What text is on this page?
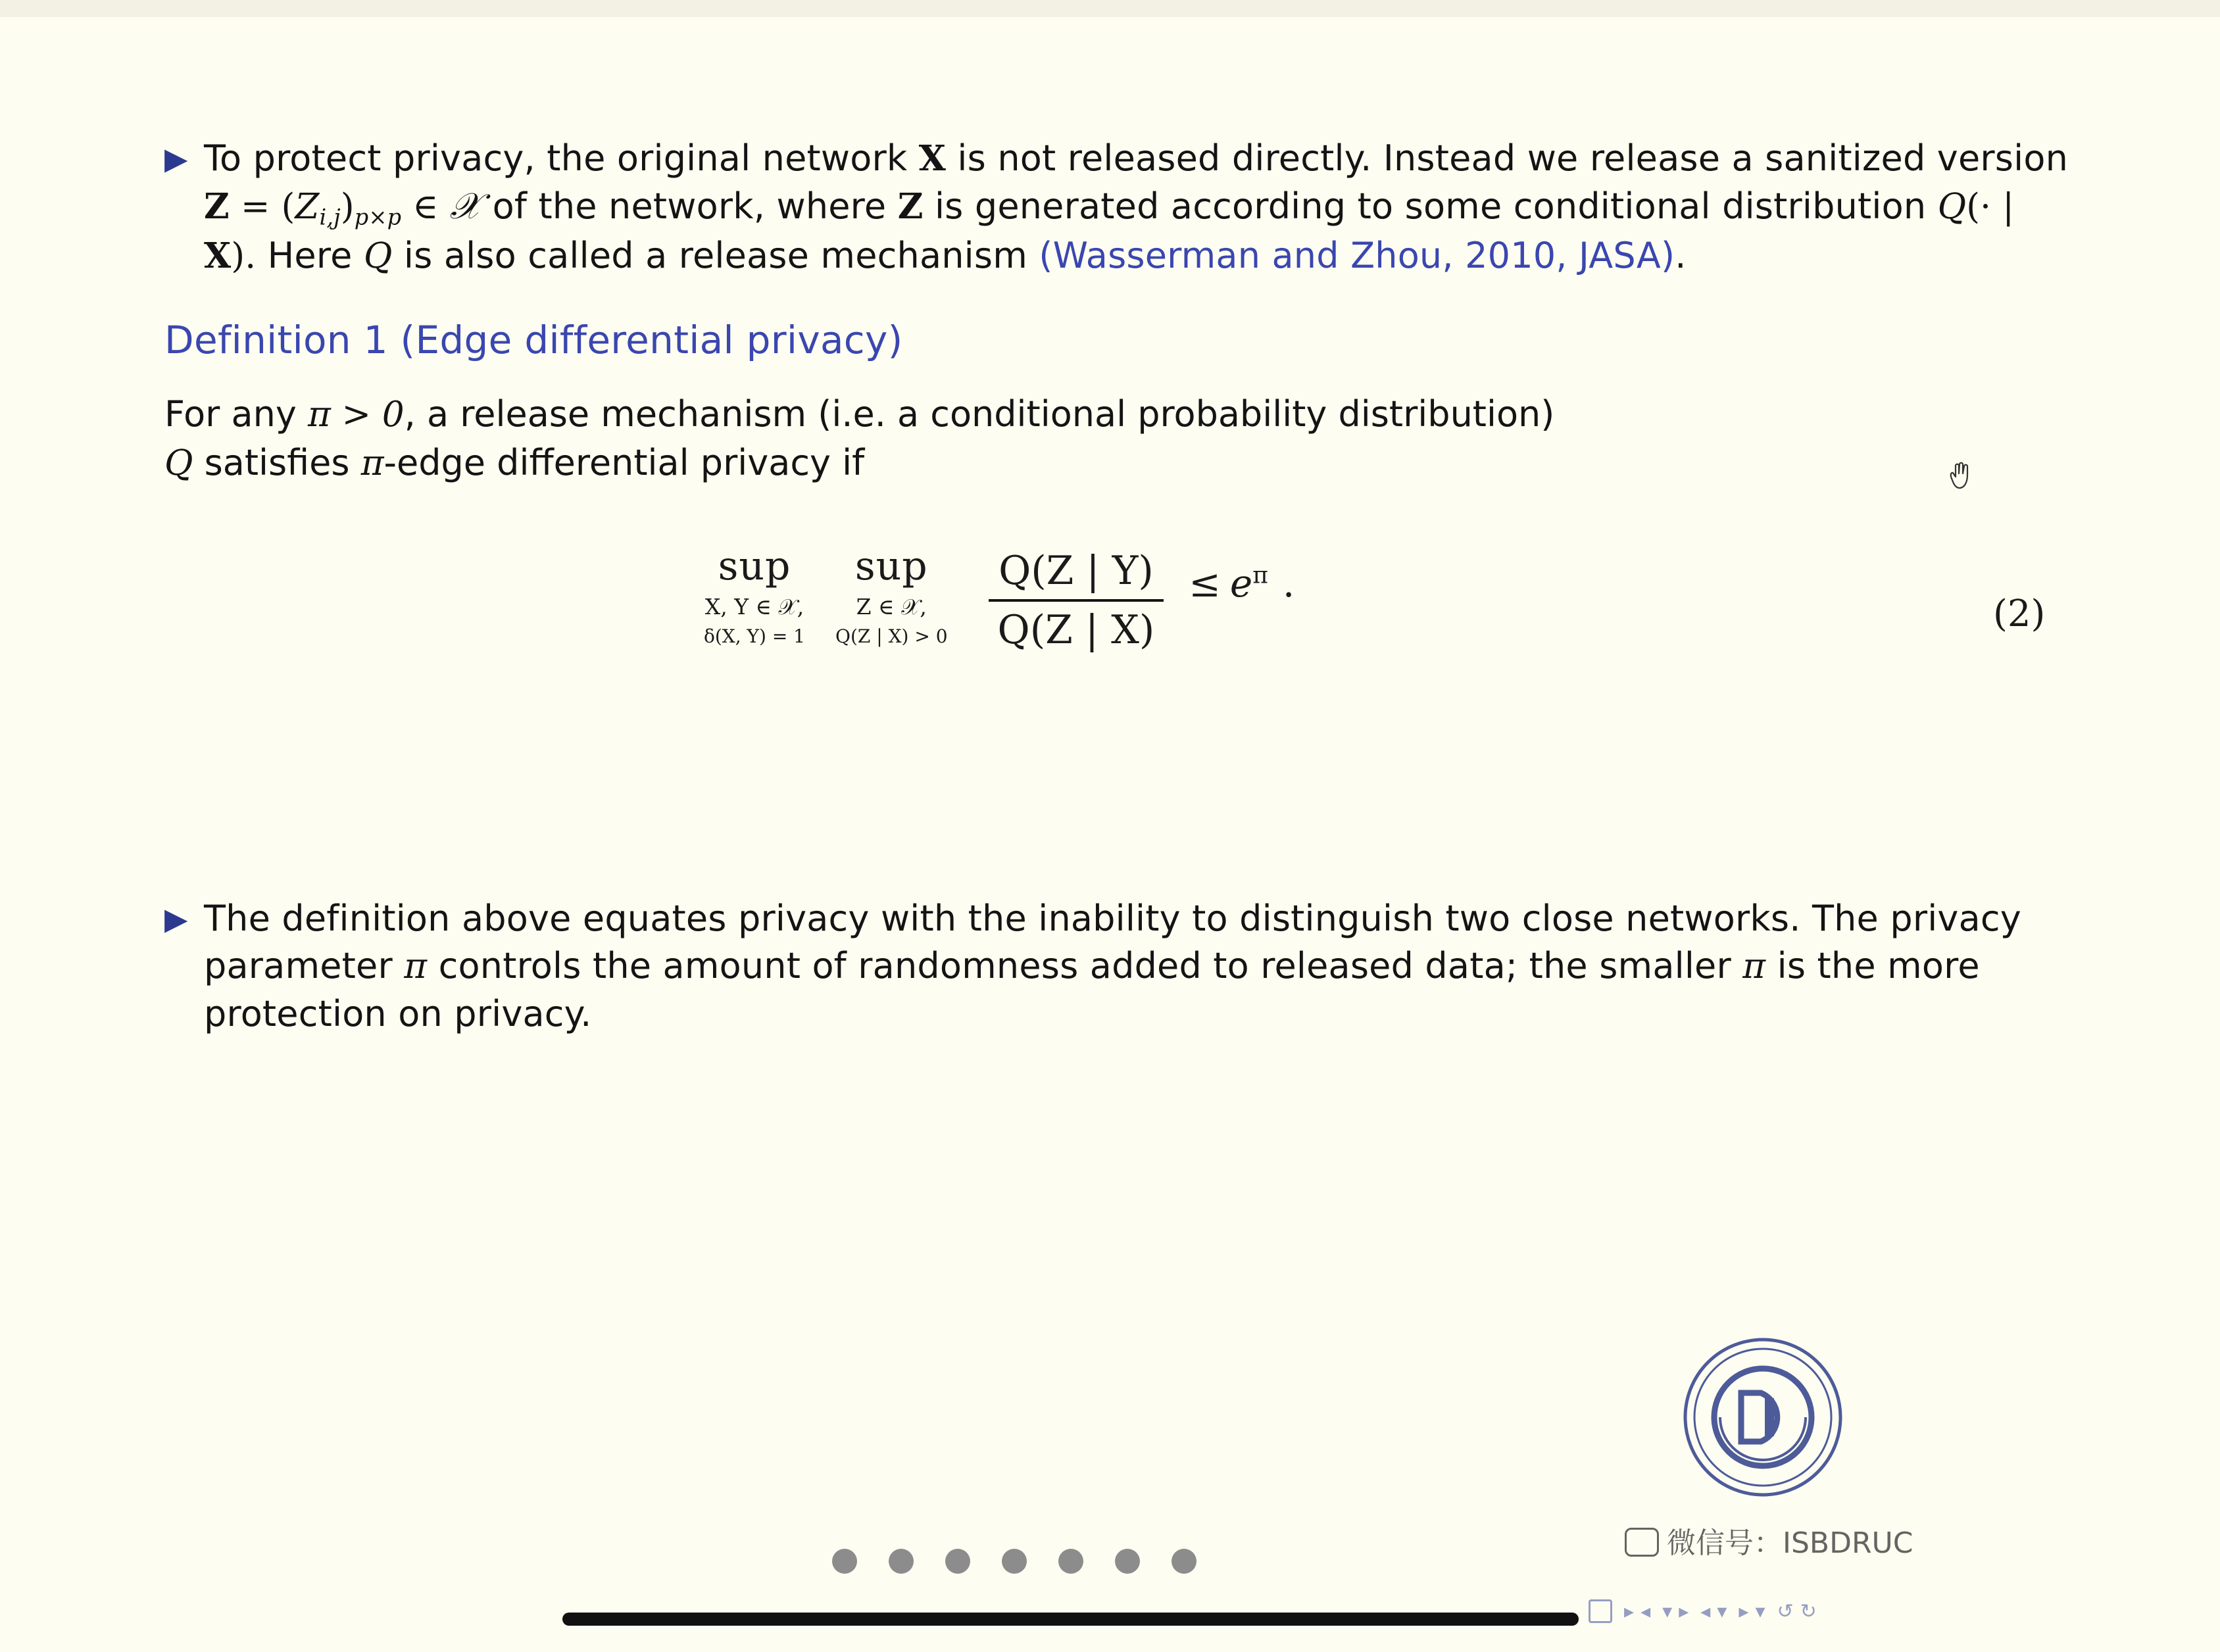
▶ To protect privacy, the original network X is not released directly. Instead we release a sanitized version $Z = (Z_{i,j})_{p\times p}$ ∈ 𝒳 of the network, where Z is generated according to some conditional distribution Q(· | X). Here Q is also called a release mechanism (Wasserman and Zhou, 2010, JASA).
Definition 1 (Edge differential privacy)
For any π > 0, a release mechanism (i.e. a conditional probability distribution)
Q satisfies π-edge differential privacy if
sup
X, Y ∈ 𝒳,
δ(X, Y) = 1
sup
Z ∈ 𝒳,
Q(Z | $X) > 0 \frac{Q(Z | Y)}{Q(Z | X)} \le e^\pi$ .
(2)
▶ The definition above equates privacy with the inability to distinguish two close networks. The privacy parameter π controls the amount of randomness added to released data; the smaller π is the more protection on privacy.
▸ ◂ ▾ ▸ ◂ ▾ ▸ ▾ ↺ ↻
微信号：ISBDRUC
